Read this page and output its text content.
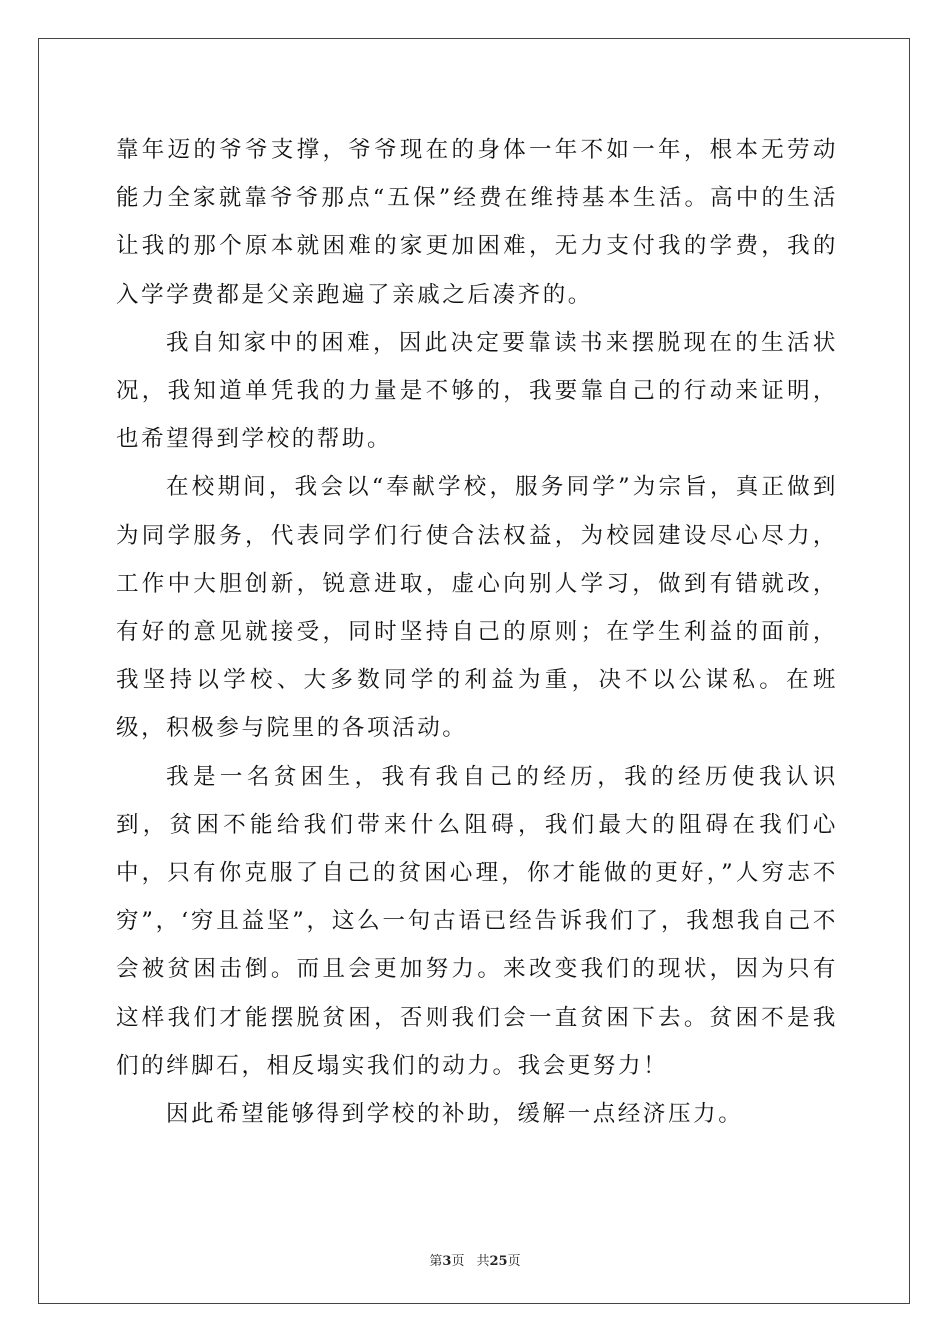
靠年迈的爷爷支撑，爷爷现在的身体一年不如一年，根本无劳动能力全家就靠爷爷那点“五保”经费在维持基本生活。高中的生活让我的那个原本就困难的家更加困难，无力支付我的学费，我的入学学费都是父亲跑遍了亲戚之后凑齐的。

我自知家中的困难，因此决定要靠读书来摆脱现在的生活状况，我知道单凭我的力量是不够的，我要靠自己的行动来证明，也希望得到学校的帮助。

在校期间，我会以“奉献学校，服务同学”为宗旨，真正做到为同学服务，代表同学们行使合法权益，为校园建设尽心尽力，工作中大胆创新，锐意进取，虚心向别人学习，做到有错就改，有好的意见就接受，同时坚持自己的原则；在学生利益的面前，我坚持以学校、大多数同学的利益为重，决不以公谋私。在班级，积极参与院里的各项活动。

我是一名贫困生，我有我自己的经历，我的经历使我认识到，贫困不能给我们带来什么阻碍，我们最大的阻碍在我们心中，只有你克服了自己的贫困心理，你才能做的更好，”人穷志不穷”，‘穷且益坚”，这么一句古语已经告诉我们了，我想我自己不会被贫困击倒。而且会更加努力。来改变我们的现状，因为只有这样我们才能摆脱贫困，否则我们会一直贫困下去。贫困不是我们的绊脚石，相反塌实我们的动力。我会更努力！

因此希望能够得到学校的补助，缓解一点经济压力。

第3页 共25页
